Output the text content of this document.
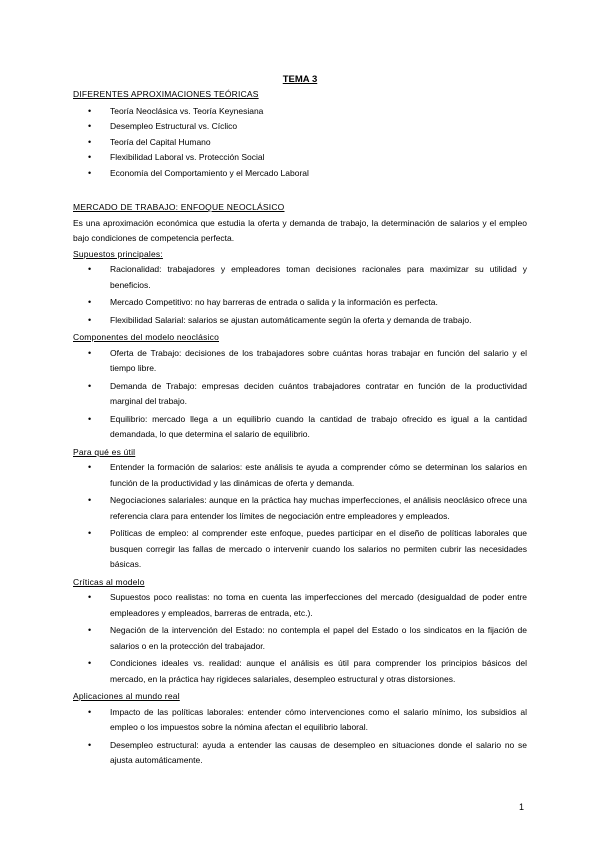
TEMA 3
DIFERENTES APROXIMACIONES TEÓRICAS
• Teoría Neoclásica vs. Teoría Keynesiana
• Desempleo Estructural vs. Cíclico
• Teoría del Capital Humano
• Flexibilidad Laboral vs. Protección Social
• Economía del Comportamiento y el Mercado Laboral
MERCADO DE TRABAJO: ENFOQUE NEOCLÁSICO
Es una aproximación económica que estudia la oferta y demanda de trabajo, la determinación de salarios y el empleo bajo condiciones de competencia perfecta.
Supuestos principales:
• Racionalidad: trabajadores y empleadores toman decisiones racionales para maximizar su utilidad y beneficios.
• Mercado Competitivo: no hay barreras de entrada o salida y la información es perfecta.
• Flexibilidad Salarial: salarios se ajustan automáticamente según la oferta y demanda de trabajo.
Componentes del modelo neoclásico
• Oferta de Trabajo: decisiones de los trabajadores sobre cuántas horas trabajar en función del salario y el tiempo libre.
• Demanda de Trabajo: empresas deciden cuántos trabajadores contratar en función de la productividad marginal del trabajo.
• Equilibrio: mercado llega a un equilibrio cuando la cantidad de trabajo ofrecido es igual a la cantidad demandada, lo que determina el salario de equilibrio.
Para qué es útil
• Entender la formación de salarios: este análisis te ayuda a comprender cómo se determinan los salarios en función de la productividad y las dinámicas de oferta y demanda.
• Negociaciones salariales: aunque en la práctica hay muchas imperfecciones, el análisis neoclásico ofrece una referencia clara para entender los límites de negociación entre empleadores y empleados.
• Políticas de empleo: al comprender este enfoque, puedes participar en el diseño de políticas laborales que busquen corregir las fallas de mercado o intervenir cuando los salarios no permiten cubrir las necesidades básicas.
Críticas al modelo
• Supuestos poco realistas: no toma en cuenta las imperfecciones del mercado (desigualdad de poder entre empleadores y empleados, barreras de entrada, etc.).
• Negación de la intervención del Estado: no contempla el papel del Estado o los sindicatos en la fijación de salarios o en la protección del trabajador.
• Condiciones ideales vs. realidad: aunque el análisis es útil para comprender los principios básicos del mercado, en la práctica hay rigideces salariales, desempleo estructural y otras distorsiones.
Aplicaciones al mundo real
• Impacto de las políticas laborales: entender cómo intervenciones como el salario mínimo, los subsidios al empleo o los impuestos sobre la nómina afectan el equilibrio laboral.
• Desempleo estructural: ayuda a entender las causas de desempleo en situaciones donde el salario no se ajusta automáticamente.
1
